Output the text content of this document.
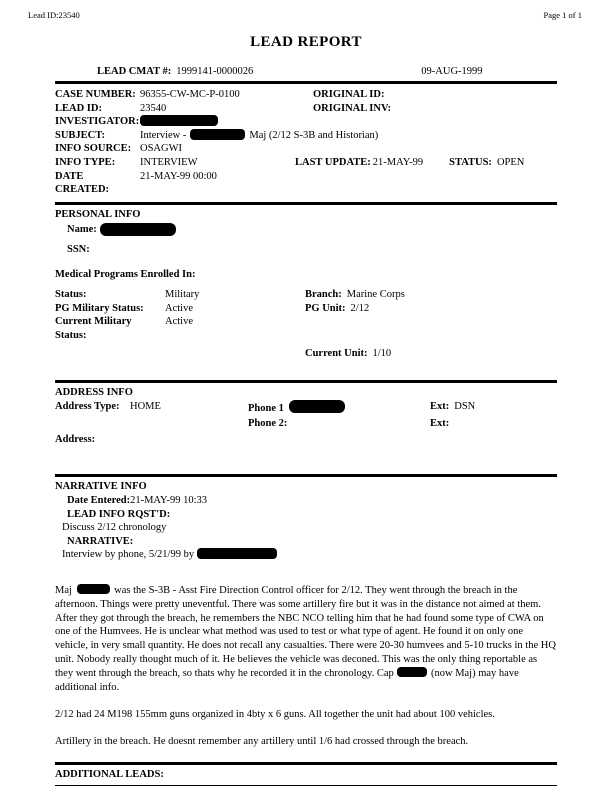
Lead ID:23540	Page 1 of 1
LEAD REPORT
LEAD CMAT #: 1999141-0000026	09-AUG-1999
CASE NUMBER: 96355-CW-MC-P-0100	ORIGINAL ID:
LEAD ID:	23540	ORIGINAL INV:
INVESTIGATOR:
SUBJECT:	Interview -	Maj (2/12 S-3B and Historian)
INFO SOURCE: OSAGWI
INFO TYPE:	INTERVIEW	LAST UPDATE: 21-MAY-99 STATUS: OPEN
DATE CREATED:
21-MAY-99 00:00
PERSONAL INFO
Name:
SSN:
Medical Programs Enrolled In:
Status:	Military	Branch: Marine Corps
PG Military Status:	Active	PG Unit: 2/12
Current Military Status:
Active
Current Unit: 1/10
ADDRESS INFO
Address Type:	HOME	Phone 1	Ext: DSN
Phone 2:	Ext:
Address:
NARRATIVE INFO
Date Entered: 21-MAY-99 10:33
LEAD INFO RQST'D:
Discuss 2/12 chronology
NARRATIVE:
Interview by phone, 5/21/99 by

Maj	was the S-3B - Asst Fire Direction Control officer for 2/12. They went through the breach in the afternoon. Things were pretty uneventful. There was some artillery fire but it was in the distance not aimed at them. After they got through the breach, he remembers the NBC NCO telling him that he had found some type of CWA on one of the Humvees. He is unclear what method was used to test or what type of agent. He found it on only one vehicle, in very small quantity. He does not recall any casualties. There were 20-30 humvees and 5-10 trucks in the HQ unit. Nobody really thought much of it. He believes the vehicle was deconed. This was the only thing reportable as they went through the breach, so thats why he recorded it in the chronology. Cap	(now Maj) may have additional info.

2/12 had 24 M198 155mm guns organized in 4bty x 6 guns. All together the unit had about 100 vehicles.

Artillery in the breach. He doesnt remember any artillery until 1/6 had crossed through the breach.

ADDITIONAL LEADS:
